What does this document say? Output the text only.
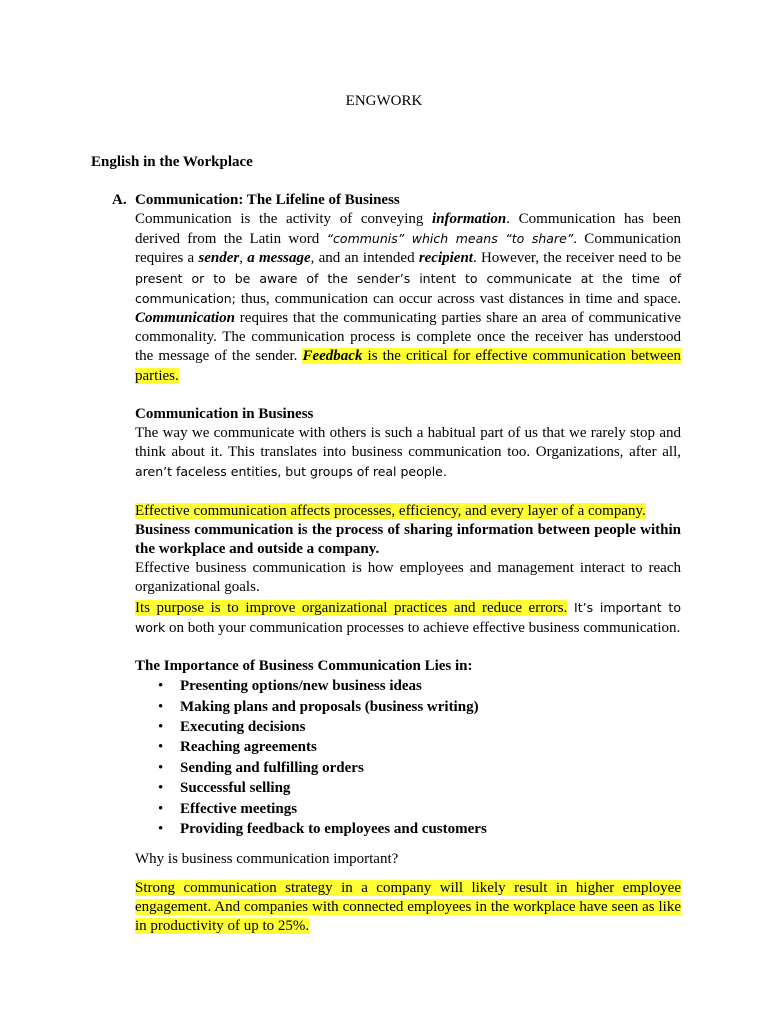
ENGWORK
English in the Workplace
A. Communication: The Lifeline of Business

Communication is the activity of conveying information. Communication has been derived from the Latin word “communis” which means “to share”. Communication requires a sender, a message, and an intended recipient. However, the receiver need to be present or to be aware of the sender’s intent to communicate at the time of communication; thus, communication can occur across vast distances in time and space. Communication requires that the communicating parties share an area of communicative commonality. The communication process is complete once the receiver has understood the message of the sender. Feedback is the critical for effective communication between parties.

Communication in Business

The way we communicate with others is such a habitual part of us that we rarely stop and think about it. This translates into business communication too. Organizations, after all, aren’t faceless entities, but groups of real people.

Effective communication affects processes, efficiency, and every layer of a company.

Business communication is the process of sharing information between people within the workplace and outside a company.

Effective business communication is how employees and management interact to reach organizational goals.

Its purpose is to improve organizational practices and reduce errors. It’s important to work on both your communication processes to achieve effective business communication.

The Importance of Business Communication Lies in:

• Presenting options/new business ideas
• Making plans and proposals (business writing)
• Executing decisions
• Reaching agreements
• Sending and fulfilling orders
• Successful selling
• Effective meetings
• Providing feedback to employees and customers

Why is business communication important?

Strong communication strategy in a company will likely result in higher employee engagement. And companies with connected employees in the workplace have seen as like in productivity of up to 25%.
